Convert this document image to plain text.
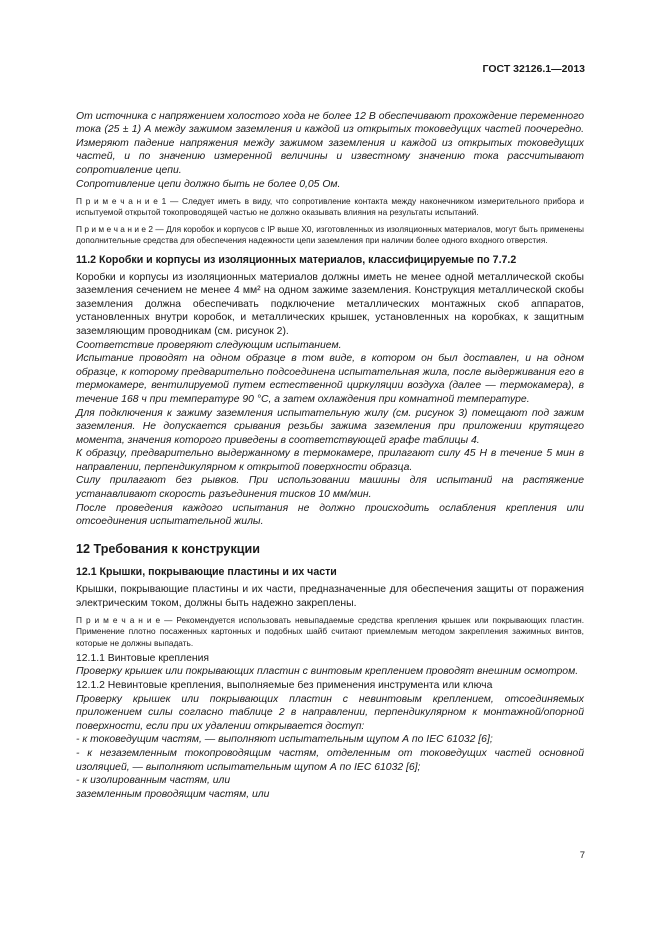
ГОСТ 32126.1—2013

От источника с напряжением холостого хода не более 12 В обеспечивают прохождение переменного тока (25 ± 1) А между зажимом заземления и каждой из открытых токоведущих частей поочередно. Измеряют падение напряжения между зажимом заземления и каждой из открытых токоведущих частей, и по значению измеренной величины и известному значению тока рассчитывают сопротивление цепи.

Сопротивление цепи должно быть не более 0,05 Ом.

П р и м е ч а н и е 1 — Следует иметь в виду, что сопротивление контакта между наконечником измерительного прибора и испытуемой открытой токопроводящей частью не должно оказывать влияния на результаты испытаний.

П р и м е ч а н и е 2 — Для коробок и корпусов с IP выше X0, изготовленных из изоляционных материалов, могут быть применены дополнительные средства для обеспечения надежности цепи заземления при наличии более одного входного отверстия.

11.2 Коробки и корпусы из изоляционных материалов, классифицируемые по 7.7.2

Коробки и корпусы из изоляционных материалов должны иметь не менее одной металлической скобы заземления сечением не менее 4 мм² на одном зажиме заземления. Конструкция металлической скобы заземления должна обеспечивать подключение металлических монтажных скоб аппаратов, установленных внутри коробок, и металлических крышек, установленных на коробках, к защитным заземляющим проводникам (см. рисунок 2).

Соответствие проверяют следующим испытанием.

Испытание проводят на одном образце в том виде, в котором он был доставлен, и на одном образце, к которому предварительно подсоединена испытательная жила, после выдерживания его в термокамере, вентилируемой путем естественной циркуляции воздуха (далее — термокамера), в течение 168 ч при температуре 90 °С, а затем охлаждения при комнатной температуре.

Для подключения к зажиму заземления испытательную жилу (см. рисунок 3) помещают под зажим заземления. Не допускается срывания резьбы зажима заземления при приложении крутящего момента, значения которого приведены в соответствующей графе таблицы 4.

К образцу, предварительно выдержанному в термокамере, прилагают силу 45 Н в течение 5 мин в направлении, перпендикулярном к открытой поверхности образца.

Силу прилагают без рывков. При использовании машины для испытаний на растяжение устанавливают скорость разъединения тисков 10 мм/мин.

После проведения каждого испытания не должно происходить ослабления крепления или отсоединения испытательной жилы.

12 Требования к конструкции

12.1 Крышки, покрывающие пластины и их части

Крышки, покрывающие пластины и их части, предназначенные для обеспечения защиты от поражения электрическим током, должны быть надежно закреплены.

П р и м е ч а н и е — Рекомендуется использовать невыпадаемые средства крепления крышек или покрывающих пластин. Применение плотно посаженных картонных и подобных шайб считают приемлемым методом закрепления зажимных винтов, которые не должны выпадать.

12.1.1 Винтовые крепления

Проверку крышек или покрывающих пластин с винтовым креплением проводят внешним осмотром.

12.1.2 Невинтовые крепления, выполняемые без применения инструмента или ключа

Проверку крышек или покрывающих пластин с невинтовым креплением, отсоединяемых приложением силы согласно таблице 2 в направлении, перпендикулярном к монтажной/опорной поверхности, если при их удалении открывается доступ:

- к токоведущим частям, — выполняют испытательным щупом А по IEC 61032 [6];

- к незаземленным токопроводящим частям, отделенным от токоведущих частей основной изоляцией, — выполняют испытательным щупом А по IEC 61032 [6];

- к изолированным частям, или

заземленным проводящим частям, или

7
